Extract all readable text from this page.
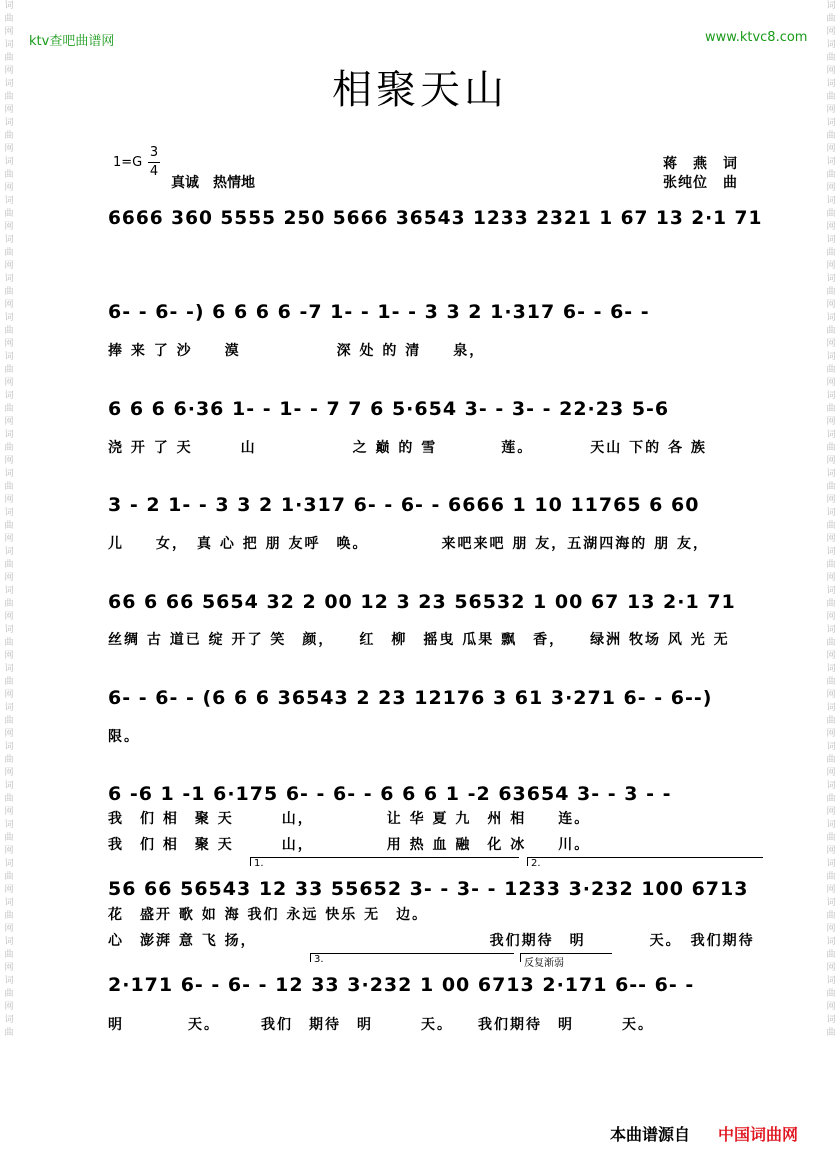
词
曲
网
词
曲
网
词
曲
网
词
曲
网
词
曲
网
词
曲
网
词
曲
网
词
曲
网
词
曲
网
词
曲
网
词
曲
网
词
曲
网
词
曲
网
词
曲
网
词
曲
网
词
曲
网
词
曲
网
词
曲
网
词
曲
网
词
曲
网
词
曲
网
词
曲
网
词
曲
网
词
曲
网
词
曲
网
词
曲
网
词
曲
词
曲
网
词
曲
网
词
曲
网
词
曲
网
词
曲
网
词
曲
网
词
曲
网
词
曲
网
词
曲
网
词
曲
网
词
曲
网
词
曲
网
词
曲
网
词
曲
网
词
曲
网
词
曲
网
词
曲
网
词
曲
网
词
曲
网
词
曲
网
词
曲
网
词
曲
网
词
曲
网
词
曲
网
词
曲
网
词
曲
网
词
曲
ktv查吧曲谱网	www.ktvc8.com
相聚天山
1=G
3
4
真诚　热情地
蒋　燕　词
张纯位　曲
6666 360 5555 250 5666 36543 1233 2321 1 67 13 2·1 71
6- - 6- -) 6 6 6 6 -7 1- - 1- - 3 3 2 1·317 6- - 6- -
捧 来 了 沙　　漠　　　　　　深 处 的 清　　泉，
6 6 6 6·36 1- - 1- - 7 7 6 5·654 3- - 3- - 22·23 5-6
浇 开 了 天　　　山　　　　　　之 巅 的 雪　　　　莲。　　　　天山 下的 各 族
3 - 2 1- - 3 3 2 1·317 6- - 6- - 6666 1 10 11765 6 60
儿　　女，　真 心 把 朋 友呼　唤。　　　　　来吧来吧 朋 友，五湖四海的 朋 友，
66 6 66 5654 32 2 00 12 3 23 56532 1 00 67 13 2·1 71
丝绸 古 道已 绽 开了 笑　颜，　　红　柳　摇曳 瓜果 飘　香，　　绿洲 牧场 风 光 无
6- - 6- - (6 6 6 36543 2 23 12176 3 61 3·271 6- - 6--)
限。
6 -6 1 -1 6·175 6- - 6- - 6 6 6 1 -2 63654 3- - 3 - -
我　们 相　聚 天　　　山，　　　　　让 华 夏 九　州 相　　连。
我　们 相　聚 天　　　山，　　　　　用 热 血 融　化 冰　　川。
1.	2.
56 66 56543 12 33 55652 3- - 3- - 1233 3·232 100 6713
花　盛开 歌 如 海 我们 永远 快乐 无　边。
心　澎湃 意 飞 扬，　　　　　　　　　　　　　　　我们期待　明　　　　天。　我们期待
3.	反复渐弱
2·171 6- - 6- - 12 33 3·232 1 00 6713 2·171 6-- 6- -
明　　　　天。　　　我们　期待　明　　　天。　　我们期待　明　　　天。
本曲谱源自 中国词曲网
